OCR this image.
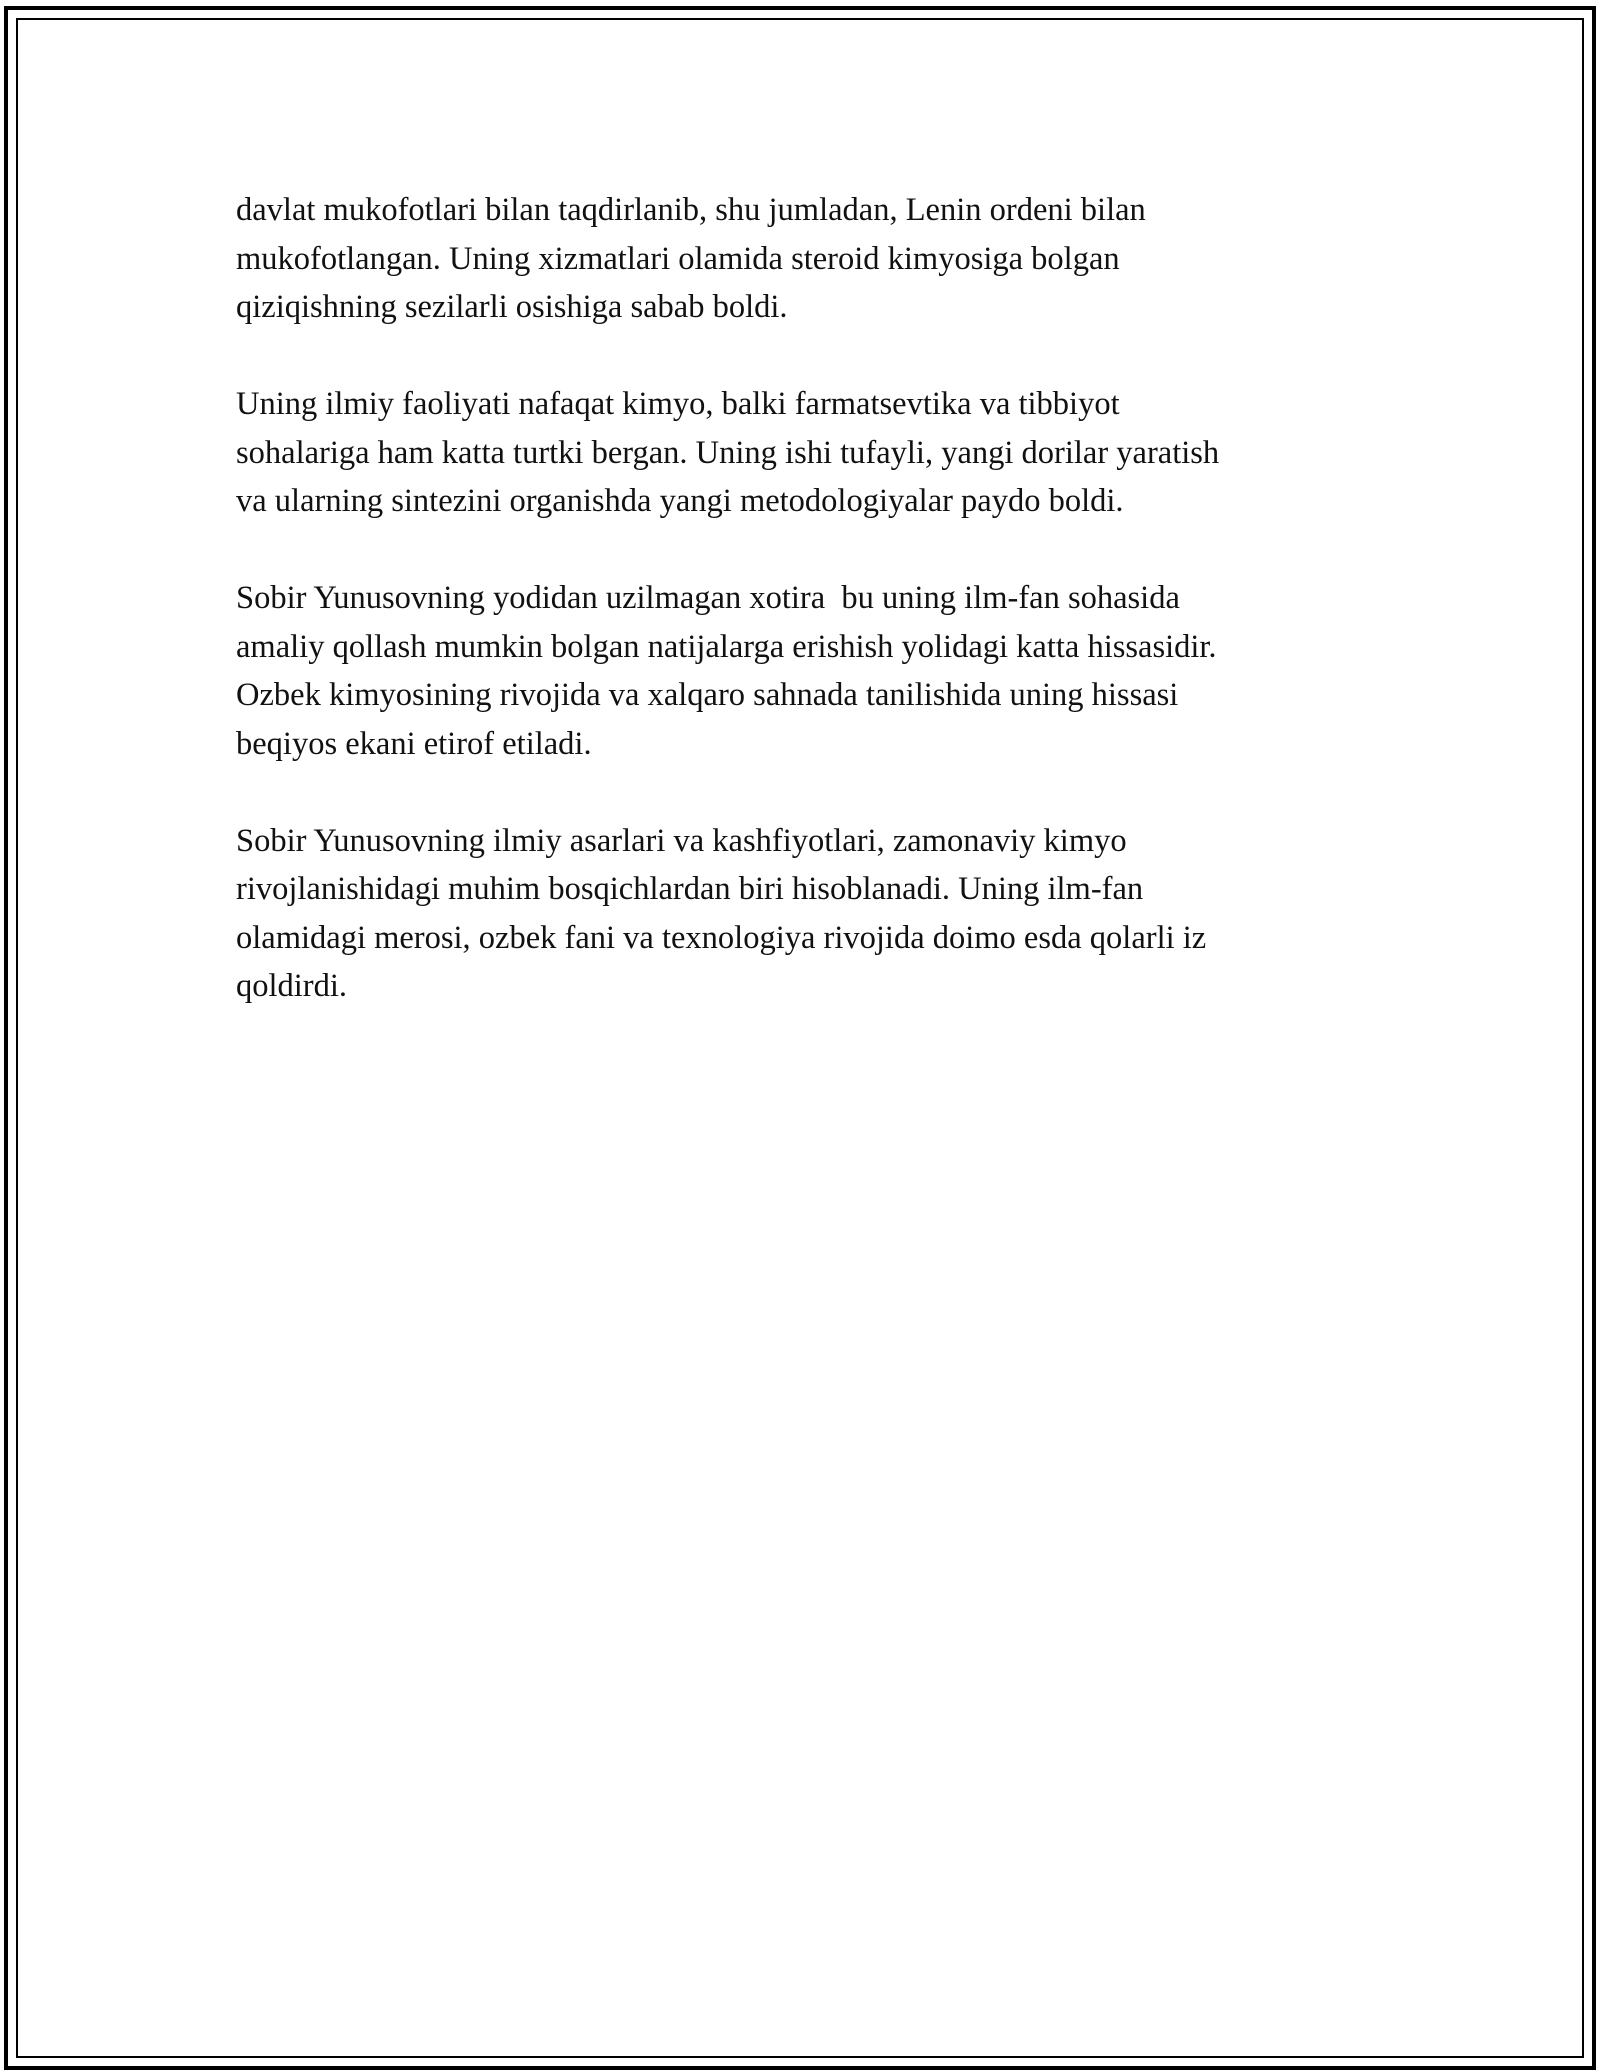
davlat mukofotlari bilan taqdirlanib, shu jumladan, Lenin ordeni bilan
mukofotlangan. Uning xizmatlari olamida steroid kimyosiga bolgan
qiziqishning sezilarli osishiga sabab boldi.

Uning ilmiy faoliyati nafaqat kimyo, balki farmatsevtika va tibbiyot
sohalariga ham katta turtki bergan. Uning ishi tufayli, yangi dorilar yaratish
va ularning sintezini organishda yangi metodologiyalar paydo boldi.

Sobir Yunusovning yodidan uzilmagan xotira  bu uning ilm-fan sohasida
amaliy qollash mumkin bolgan natijalarga erishish yolidagi katta hissasidir.
Ozbek kimyosining rivojida va xalqaro sahnada tanilishida uning hissasi
beqiyos ekani etirof etiladi.

Sobir Yunusovning ilmiy asarlari va kashfiyotlari, zamonaviy kimyo
rivojlanishidagi muhim bosqichlardan biri hisoblanadi. Uning ilm-fan
olamidagi merosi, ozbek fani va texnologiya rivojida doimo esda qolarli iz
qoldirdi.
